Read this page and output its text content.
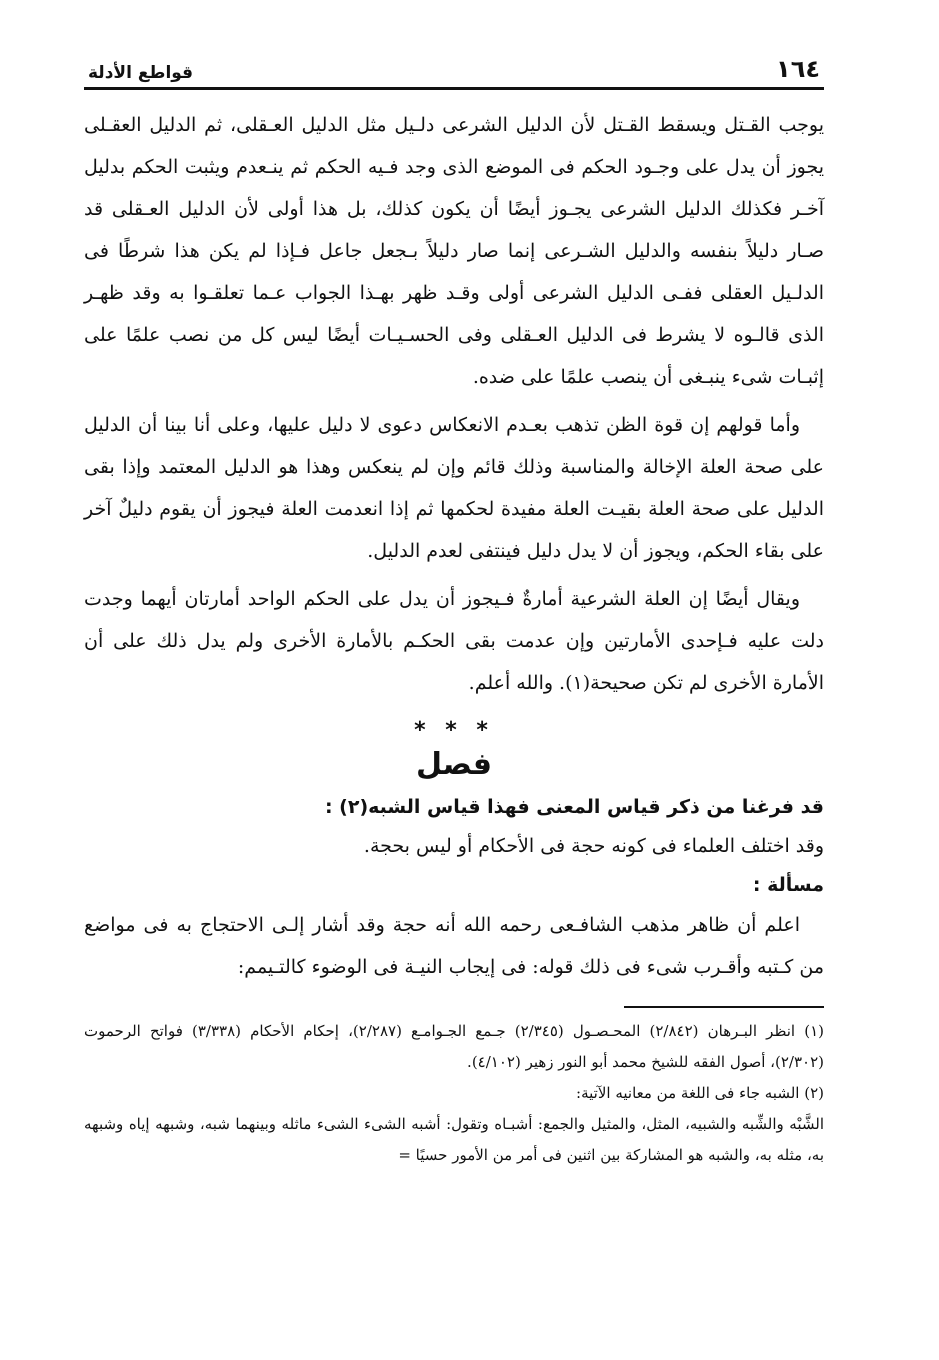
١٦٤
قواطع الأدلة

يوجب القـتل ويسقط القـتل لأن الدليل الشرعى دلـيل مثل الدليل العـقلى، ثم الدليل العقـلى يجوز أن يدل على وجـود الحكم فى الموضع الذى وجد فـيه الحكم ثم ينـعدم ويثبت الحكم بدليل آخـر فكذلك الدليل الشرعى يجـوز أيضًا أن يكون كذلك، بل هذا أولى لأن الدليل العـقلى قد صـار دليلاً بنفسه والدليل الشـرعى إنما صار دليلاً بـجعل جاعل فـإذا لم يكن هذا شرطًا فى الدلـيل العقلى ففـى الدليل الشرعى أولى وقـد ظهر بهـذا الجواب عـما تعلقـوا به وقد ظهـر الذى قالـوه لا يشرط فى الدليل العـقلى وفى الحسـيـات أيضًا ليس كل من نصب علمًا على إثبـات شىء ينبـغى أن ينصب علمًا على ضده.

وأما قولهم إن قوة الظن تذهب بعـدم الانعكاس دعوى لا دليل عليها، وعلى أنا بينا أن الدليل على صحة العلة الإخالة والمناسبة وذلك قائم وإن لم ينعكس وهذا هو الدليل المعتمد وإذا بقى الدليل على صحة العلة بقيـت العلة مفيدة لحكمها ثم إذا انعدمت العلة فيجوز أن يقوم دليلٌ آخر على بقاء الحكم، ويجوز أن لا يدل دليل فينتفى لعدم الدليل.

ويقال أيضًا إن العلة الشرعية أمارةٌ فـيجوز أن يدل على الحكم الواحد أمارتان أيهما وجدت دلت عليه فـإحدى الأمارتين وإن عدمت بقى الحكـم بالأمارة الأخرى ولم يدل ذلك على أن الأمارة الأخرى لم تكن صحيحة(١). والله أعلم.

* * *
فصل

قد فرغنا من ذكر قياس المعنى فهذا قياس الشبه(٢) :

وقد اختلف العلماء فى كونه حجة فى الأحكام أو ليس بحجة.

مسألة :

اعلم أن ظاهر مذهب الشافـعى رحمه الله أنه حجة وقد أشار إلـى الاحتجاج به فى مواضع من كـتبه وأقـرب شىء فى ذلك قوله: فى إيجاب النيـة فى الوضوء كالتـيمم:

(١) انظر البـرهان (٢/٨٤٢) المحـصـول (٢/٣٤٥) جـمع الجـوامـع (٢/٢٨٧)، إحكام الأحكام (٣/٣٣٨) فواتح الرحموت (٢/٣٠٢)، أصول الفقه للشيخ محمد أبو النور زهير (٤/١٠٢).

(٢) الشبه جاء فى اللغة من معانيه الآتية:

الشَّبْه والشِّبه والشبيه، المثل، والمثيل والجمع: أشبـاه وتقول: أشبه الشىء الشىء ماثله وبينهما شبه، وشبهه إياه وشبهه به، مثله به، والشبه هو المشاركة بين اثنين فى أمر من الأمور حسيًا =
